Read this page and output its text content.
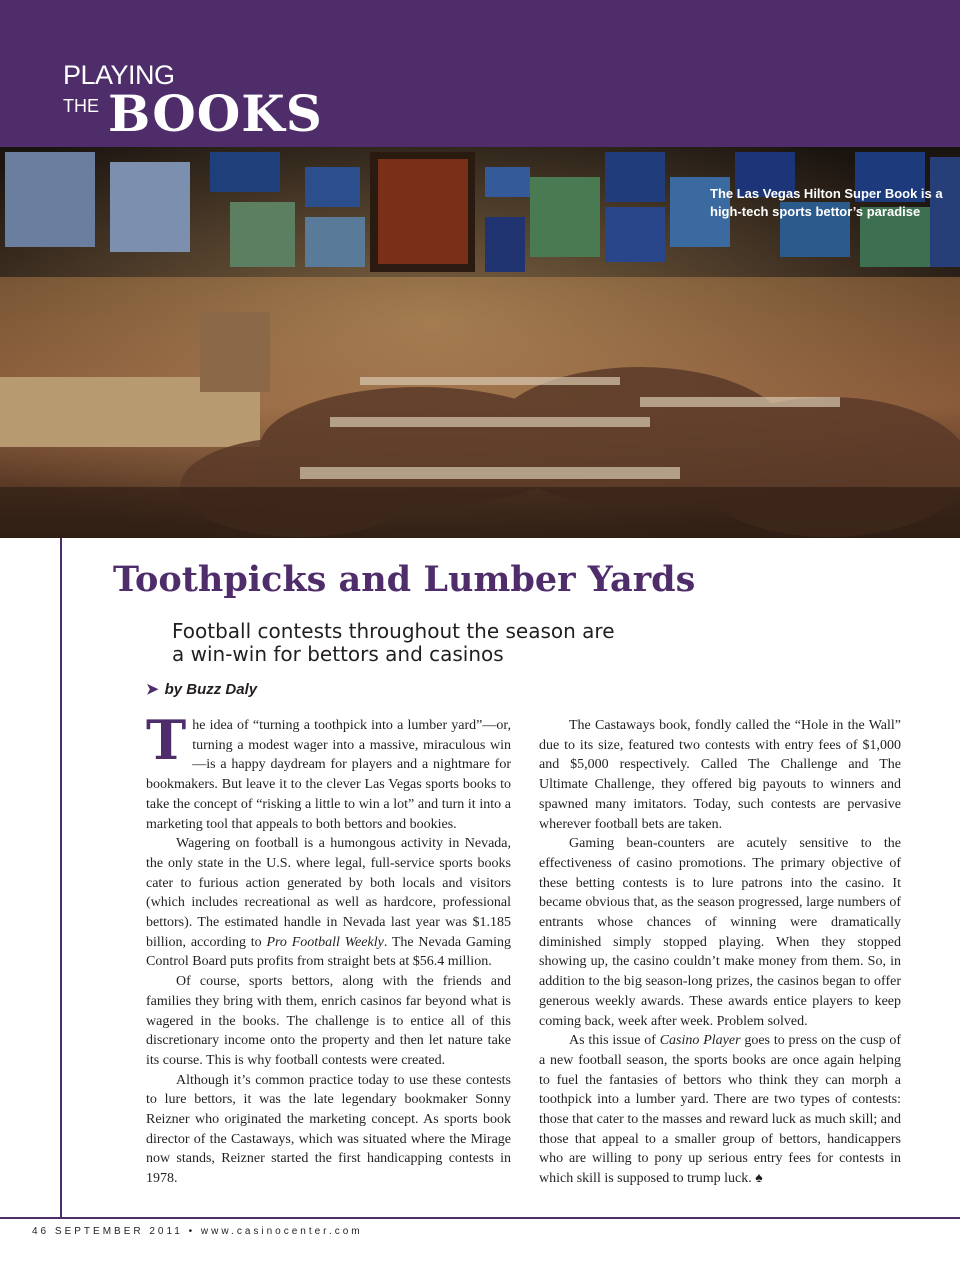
PLAYING
THE BOOKS
The Las Vegas Hilton Super Book is a high-tech sports bettor’s paradise
Toothpicks and Lumber Yards
Football contests throughout the season are a win-win for bettors and casinos
➤ by Buzz Daly

The idea of “turning a toothpick into a lumber yard”—or, turning a modest wager into a massive, miraculous win—is a happy daydream for players and a nightmare for bookmakers. But leave it to the clever Las Vegas sports books to take the concept of “risking a little to win a lot” and turn it into a marketing tool that appeals to both bettors and bookies.

Wagering on football is a humongous activity in Nevada, the only state in the U.S. where legal, full-service sports books cater to furious action generated by both locals and visitors (which includes recreational as well as hardcore, professional bettors). The estimated handle in Nevada last year was $1.185 billion, according to Pro Football Weekly. The Nevada Gaming Control Board puts profits from straight bets at $56.4 million.

Of course, sports bettors, along with the friends and families they bring with them, enrich casinos far beyond what is wagered in the books. The challenge is to entice all of this discretionary income onto the property and then let nature take its course. This is why football contests were created.

Although it’s common practice today to use these contests to lure bettors, it was the late legendary bookmaker Sonny Reizner who originated the marketing concept. As sports book director of the Castaways, which was situated where the Mirage now stands, Reizner started the first handicapping contests in 1978.

The Castaways book, fondly called the “Hole in the Wall” due to its size, featured two contests with entry fees of $1,000 and $5,000 respectively. Called The Challenge and The Ultimate Challenge, they offered big payouts to winners and spawned many imitators. Today, such contests are pervasive wherever football bets are taken.

Gaming bean-counters are acutely sensitive to the effectiveness of casino promotions. The primary objective of these betting contests is to lure patrons into the casino. It became obvious that, as the season progressed, large numbers of entrants whose chances of winning were dramatically diminished simply stopped playing. When they stopped showing up, the casino couldn’t make money from them. So, in addition to the big season-long prizes, the casinos began to offer generous weekly awards. These awards entice players to keep coming back, week after week. Problem solved.

As this issue of Casino Player goes to press on the cusp of a new football season, the sports books are once again helping to fuel the fantasies of bettors who think they can morph a toothpick into a lumber yard. There are two types of contests: those that cater to the masses and reward luck as much skill; and those that appeal to a smaller group of bettors, handicappers who are willing to pony up serious entry fees for contests in which skill is supposed to trump luck. ♠

46 SEPTEMBER 2011 • www.casinocenter.com
